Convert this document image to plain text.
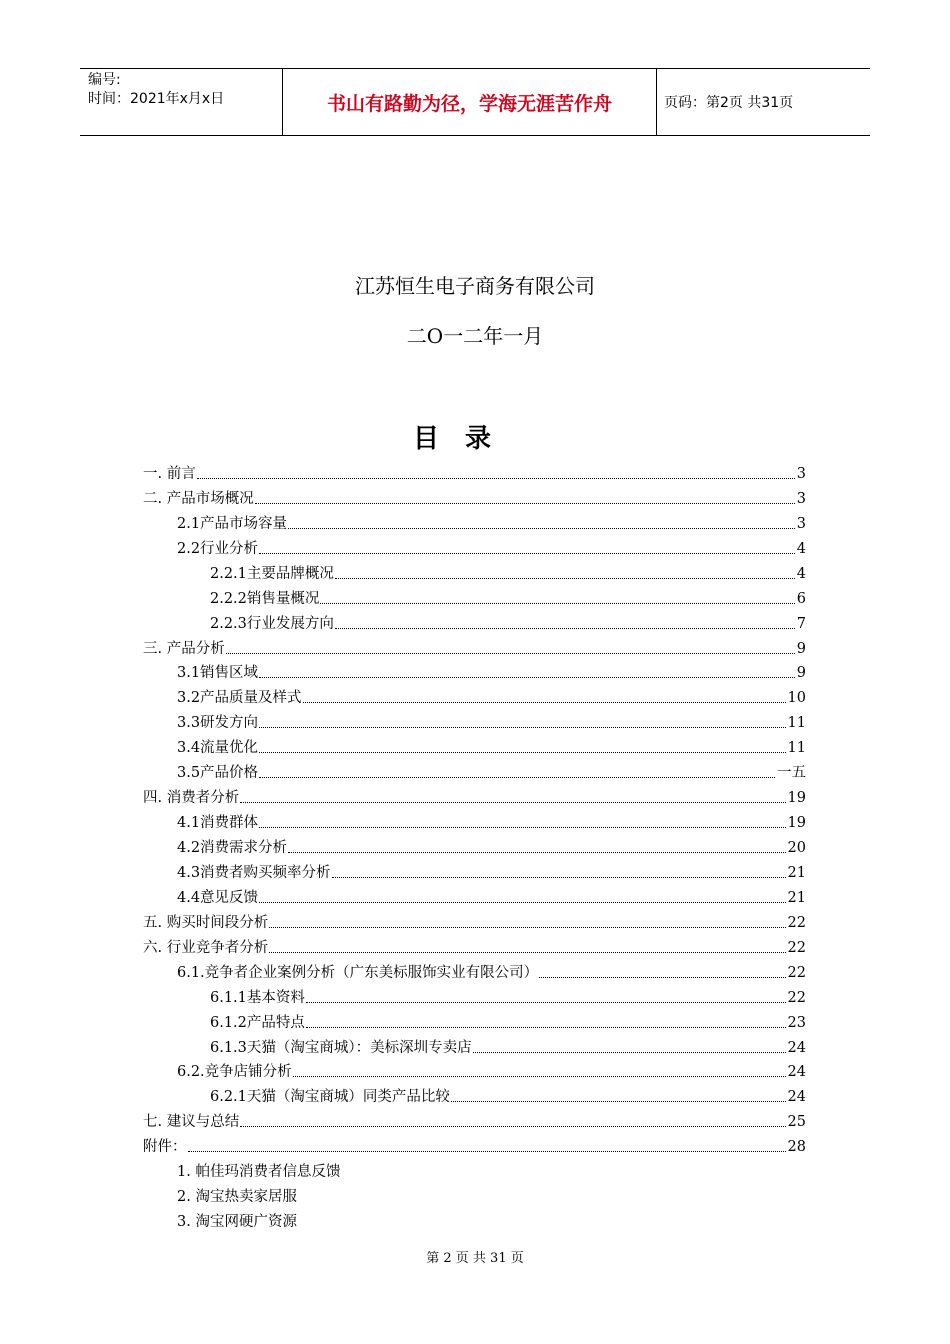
编号:
时间：2021年x月x日	书山有路勤为径，学海无涯苦作舟	页码：第2页 共31页
江苏恒生电子商务有限公司
二O一二年一月
目录
一. 前言	3
二. 产品市场概况	3
2.1产品市场容量	3
2.2行业分析	4
2.2.1主要品牌概况	4
2.2.2销售量概况	6
2.2.3行业发展方向	7
三. 产品分析	9
3.1销售区域	9
3.2产品质量及样式	10
3.3研发方向	11
3.4流量优化	11
3.5产品价格	一五
四. 消费者分析	19
4.1消费群体	19
4.2消费需求分析	20
4.3消费者购买频率分析	21
4.4意见反馈	21
五. 购买时间段分析	22
六. 行业竞争者分析	22
6.1.竞争者企业案例分析（广东美标服饰实业有限公司）	22
6.1.1基本资料	22
6.1.2产品特点	23
6.1.3天猫（淘宝商城）：美标深圳专卖店	24
6.2.竞争店铺分析	24
6.2.1天猫（淘宝商城）同类产品比较	24
七. 建议与总结	25
附件：	28
1. 帕佳玛消费者信息反馈
2. 淘宝热卖家居服
3. 淘宝网硬广资源
第 2 页 共 31 页
